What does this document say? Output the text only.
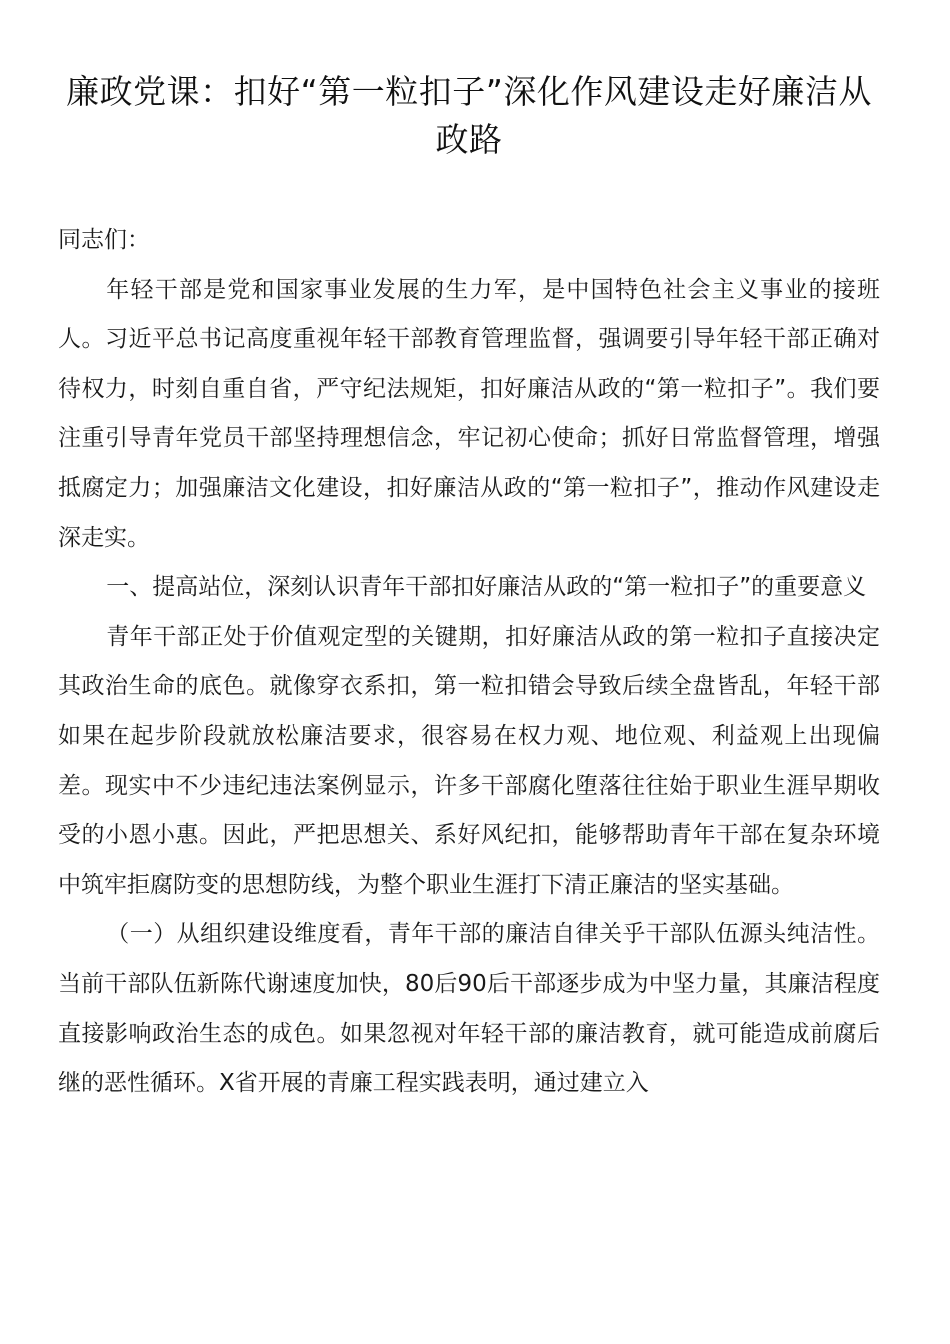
廉政党课：扣好“第一粒扣子”深化作风建设走好廉洁从政路

同志们：

年轻干部是党和国家事业发展的生力军，是中国特色社会主义事业的接班人。习近平总书记高度重视年轻干部教育管理监督，强调要引导年轻干部正确对待权力，时刻自重自省，严守纪法规矩，扣好廉洁从政的“第一粒扣子”。我们要注重引导青年党员干部坚持理想信念，牢记初心使命；抓好日常监督管理，增强抵腐定力；加强廉洁文化建设，扣好廉洁从政的“第一粒扣子”，推动作风建设走深走实。

一、提高站位，深刻认识青年干部扣好廉洁从政的“第一粒扣子”的重要意义

青年干部正处于价值观定型的关键期，扣好廉洁从政的第一粒扣子直接决定其政治生命的底色。就像穿衣系扣，第一粒扣错会导致后续全盘皆乱，年轻干部如果在起步阶段就放松廉洁要求，很容易在权力观、地位观、利益观上出现偏差。现实中不少违纪违法案例显示，许多干部腐化堕落往往始于职业生涯早期收受的小恩小惠。因此，严把思想关、系好风纪扣，能够帮助青年干部在复杂环境中筑牢拒腐防变的思想防线，为整个职业生涯打下清正廉洁的坚实基础。

（一）从组织建设维度看，青年干部的廉洁自律关乎干部队伍源头纯洁性。当前干部队伍新陈代谢速度加快，80后90后干部逐步成为中坚力量，其廉洁程度直接影响政治生态的成色。如果忽视对年轻干部的廉洁教育，就可能造成前腐后继的恶性循环。X省开展的青廉工程实践表明，通过建立入
